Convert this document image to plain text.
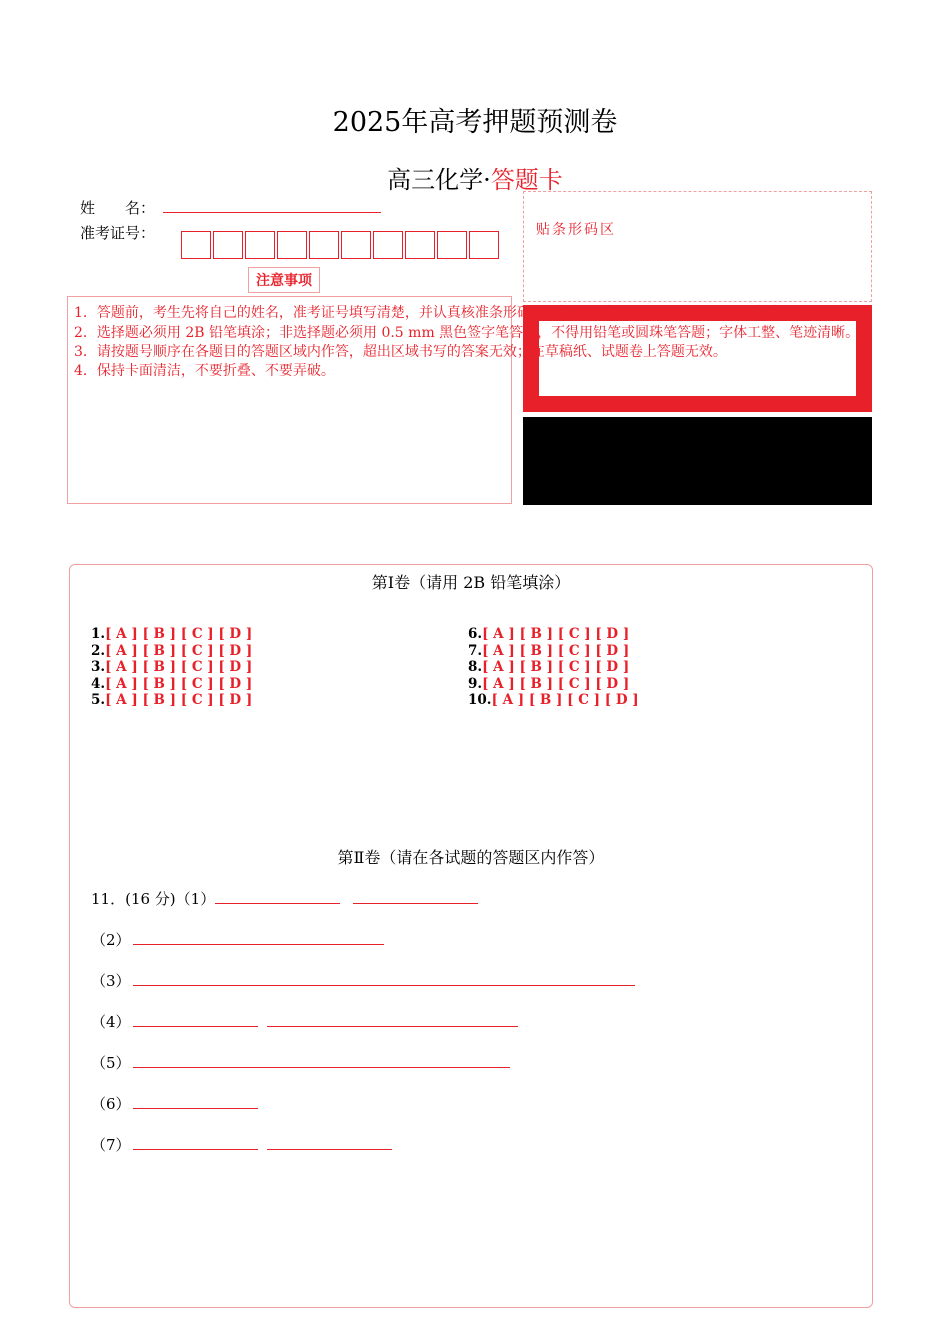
2025年高考押题预测卷
高三化学·答题卡
姓　　名：
准考证号：
注意事项
贴条形码区
1．答题前，考生先将自己的姓名，准考证号填写清楚，并认真核准条形码上的姓名、准考证号，在规定位置贴好条形码。
2．选择题必须用 2B 铅笔填涂；非选择题必须用 0.5 mm 黑色签字笔答题，不得用铅笔或圆珠笔答题；字体工整、笔迹清晰。
3．请按题号顺序在各题目的答题区域内作答，超出区域书写的答案无效；在草稿纸、试题卷上答题无效。
4．保持卡面清洁，不要折叠、不要弄破。
第Ⅰ卷（请用 2B 铅笔填涂）
1.[ A ] [ B ] [ C ] [ D ]
2.[ A ] [ B ] [ C ] [ D ]
3.[ A ] [ B ] [ C ] [ D ]
4.[ A ] [ B ] [ C ] [ D ]
5.[ A ] [ B ] [ C ] [ D ]
6.[ A ] [ B ] [ C ] [ D ]
7.[ A ] [ B ] [ C ] [ D ]
8.[ A ] [ B ] [ C ] [ D ]
9.[ A ] [ B ] [ C ] [ D ]
10.[ A ] [ B ] [ C ] [ D ]
第Ⅱ卷（请在各试题的答题区内作答）
11．(16 分)（1）
（2）
（3）
（4）
（5）
（6）
（7）
